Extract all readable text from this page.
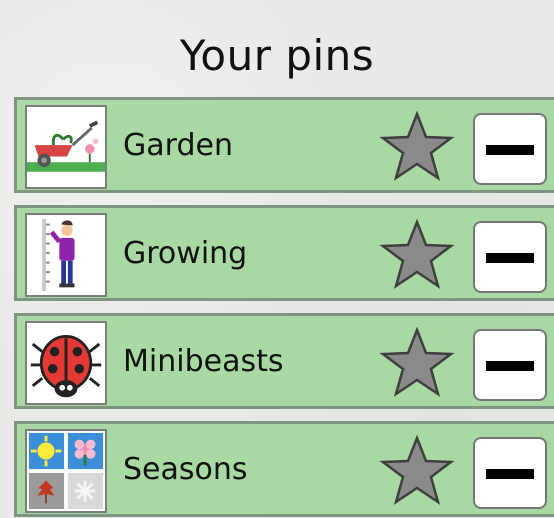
Your pins
Garden
Growing
Minibeasts
Seasons
